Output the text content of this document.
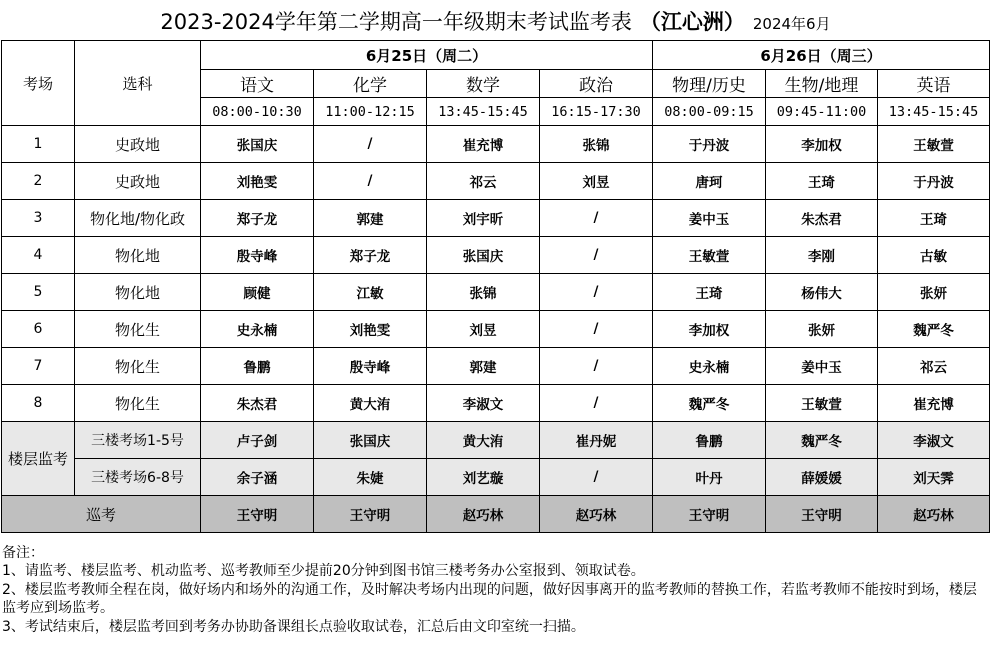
2023-2024学年第二学期高一年级期末考试监考表 （江心洲） 2024年6月
考场	选科	6月25日（周二）				6月26日（周三）		
		语文	化学	数学	政治	物理/历史	生物/地理	英语
		08:00-10:30	11:00-12:15	13:45-15:45	16:15-17:30	08:00-09:15	09:45-11:00	13:45-15:45
1	史政地	张国庆	/	崔充博	张锦	于丹波	李加权	王敏萱
2	史政地	刘艳雯	/	祁云	刘昱	唐珂	王琦	于丹波
3	物化地/物化政	郑子龙	郭建	刘宇昕	/	姜中玉	朱杰君	王琦
4	物化地	殷寺峰	郑子龙	张国庆	/	王敏萱	李刚	古敏
5	物化地	顾健	江敏	张锦	/	王琦	杨伟大	张妍
6	物化生	史永楠	刘艳雯	刘昱	/	李加权	张妍	魏严冬
7	物化生	鲁鹏	殷寺峰	郭建	/	史永楠	姜中玉	祁云
8	物化生	朱杰君	黄大洧	李淑文	/	魏严冬	王敏萱	崔充博
楼层监考	三楼考场1-5号	卢子剑	张国庆	黄大洧	崔丹妮	鲁鹏	魏严冬	李淑文
	三楼考场6-8号	余子涵	朱婕	刘艺璇	/	叶丹	薛媛媛	刘天霁
巡考		王守明	王守明	赵巧林	赵巧林	王守明	王守明	赵巧林
备注：
1、请监考、楼层监考、机动监考、巡考教师至少提前20分钟到图书馆三楼考务办公室报到、领取试卷。
2、楼层监考教师全程在岗，做好场内和场外的沟通工作，及时解决考场内出现的问题，做好因事离开的监考教师的替换工作，若监考教师不能按时到场，楼层监考应到场监考。
3、考试结束后，楼层监考回到考务办协助备课组长点验收取试卷，汇总后由文印室统一扫描。
